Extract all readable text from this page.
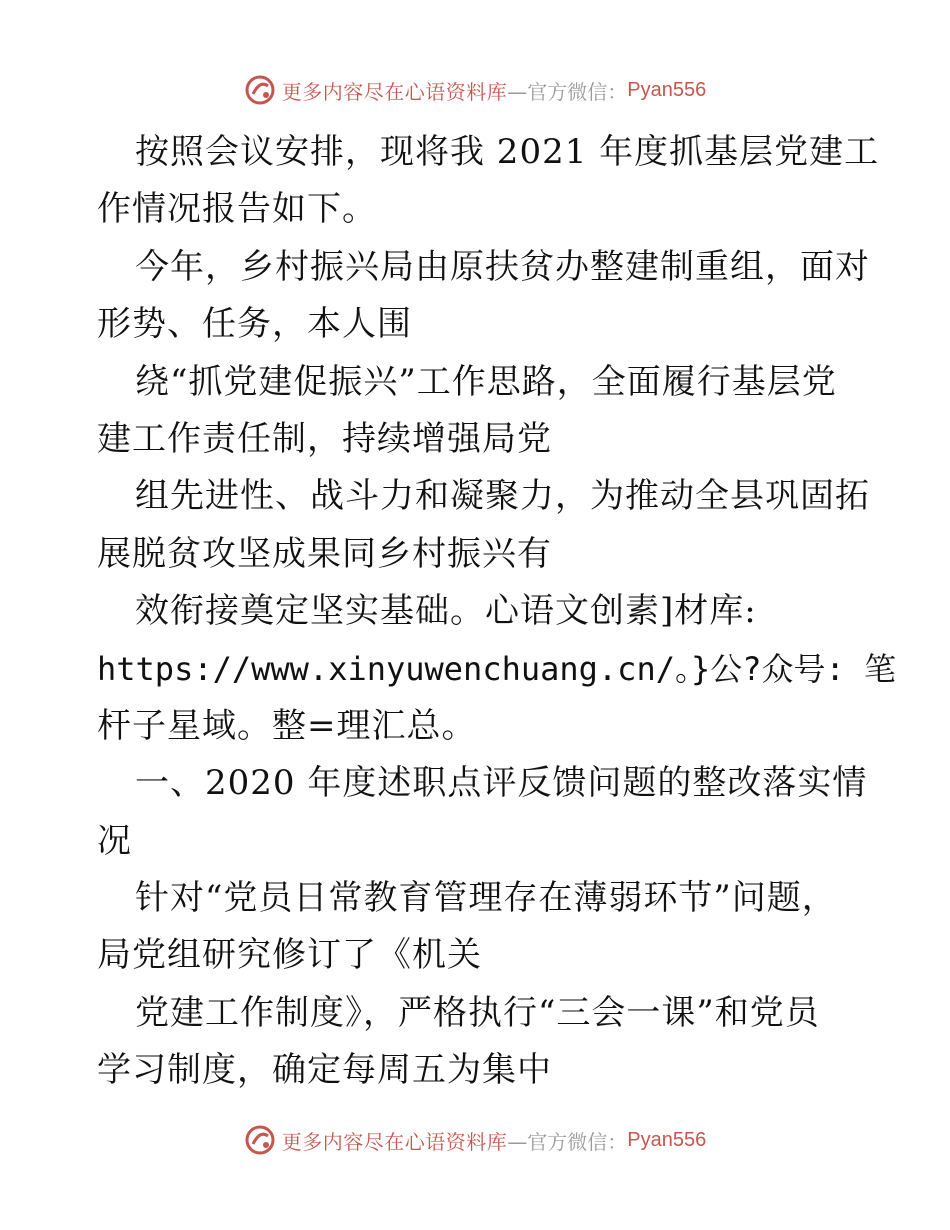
更多内容尽在心语资料库 —官方微信： Pyan556
按照会议安排，现将我 2021 年度抓基层党建工
作情况报告如下。
今年，乡村振兴局由原扶贫办整建制重组，面对
形势、任务，本人围
绕“抓党建促振兴”工作思路，全面履行基层党
建工作责任制，持续增强局党
组先进性、战斗力和凝聚力，为推动全县巩固拓
展脱贫攻坚成果同乡村振兴有
效衔接奠定坚实基础。心语文创素]材库:
https://www.xinyuwenchuang.cn/。}公?众号: 笔
杆子星域。整=理汇总。
一、2020 年度述职点评反馈问题的整改落实情
况
针对“党员日常教育管理存在薄弱环节”问题，
局党组研究修订了《机关
党建工作制度》，严格执行“三会一课”和党员
学习制度，确定每周五为集中
更多内容尽在心语资料库 —官方微信： Pyan556
